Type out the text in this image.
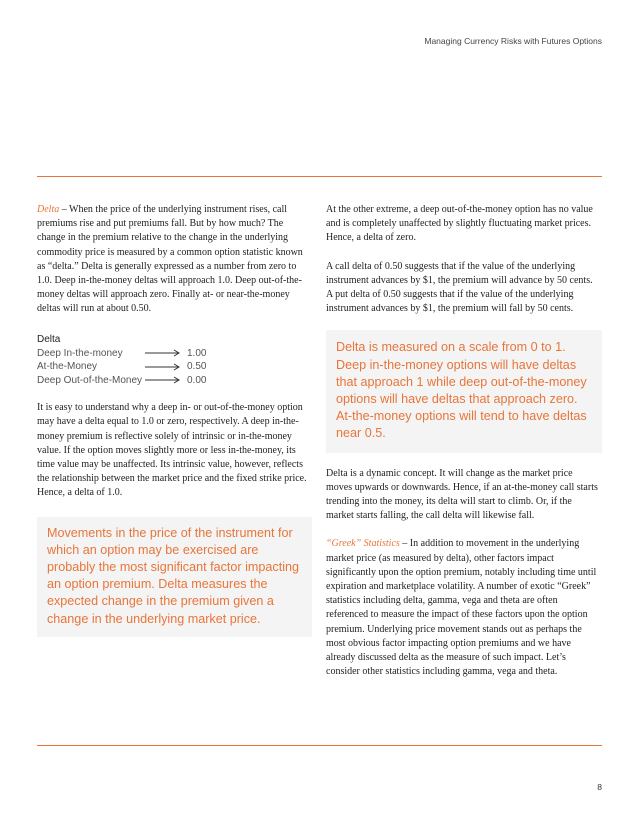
Managing Currency Risks with Futures Options

Delta – When the price of the underlying instrument rises, call premiums rise and put premiums fall. But by how much? The change in the premium relative to the change in the underlying commodity price is measured by a common option statistic known as “delta.” Delta is generally expressed as a number from zero to 1.0. Deep in-the-money deltas will approach 1.0. Deep out-of-the-money deltas will approach zero. Finally at- or near-the-money deltas will run at about 0.50.

Delta
Deep In-the-money	1.00
At-the-Money	0.50
Deep Out-of-the-Money	0.00

It is easy to understand why a deep in- or out-of-the-money option may have a delta equal to 1.0 or zero, respectively. A deep in-the-money premium is reflective solely of intrinsic or in-the-money value. If the option moves slightly more or less in-the-money, its time value may be unaffected. Its intrinsic value, however, reflects the relationship between the market price and the fixed strike price. Hence, a delta of 1.0.

Movements in the price of the instrument for which an option may be exercised are probably the most significant factor impacting an option premium. Delta measures the expected change in the premium given a change in the underlying market price.

At the other extreme, a deep out-of-the-money option has no value and is completely unaffected by slightly fluctuating market prices. Hence, a delta of zero.

A call delta of 0.50 suggests that if the value of the underlying instrument advances by $1, the premium will advance by 50 cents. A put delta of 0.50 suggests that if the value of the underlying instrument advances by $1, the premium will fall by 50 cents.

Delta is measured on a scale from 0 to 1. Deep in-the-money options will have deltas that approach 1 while deep out-of-the-money options will have deltas that approach zero. At-the-money options will tend to have deltas near 0.5.

Delta is a dynamic concept. It will change as the market price moves upwards or downwards. Hence, if an at-the-money call starts trending into the money, its delta will start to climb. Or, if the market starts falling, the call delta will likewise fall.

“Greek” Statistics – In addition to movement in the underlying market price (as measured by delta), other factors impact significantly upon the option premium, notably including time until expiration and marketplace volatility. A number of exotic “Greek” statistics including delta, gamma, vega and theta are often referenced to measure the impact of these factors upon the option premium. Underlying price movement stands out as perhaps the most obvious factor impacting option premiums and we have already discussed delta as the measure of such impact. Let’s consider other statistics including gamma, vega and theta.

8
